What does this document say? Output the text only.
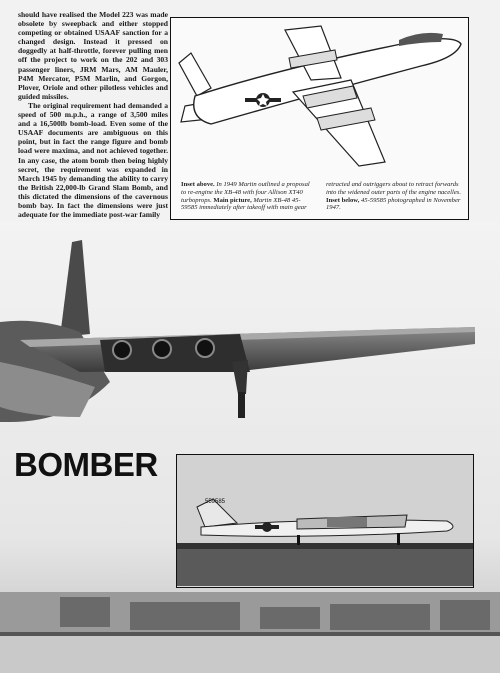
should have realised the Model 223 was made obsolete by sweepback and either stopped competing or obtained USAAF sanction for a changed design. Instead it pressed on doggedly at half-throttle, forever pulling men off the project to work on the 202 and 303 passenger liners, JRM Mars, AM Mauler, P4M Mercator, P5M Marlin, and Gorgon, Plover, Oriole and other pilotless vehicles and guided missiles.

The original requirement had demanded a speed of 500 m.p.h., a range of 3,500 miles and a 16,500lb bomb-load. Even some of the USAAF documents are ambiguous on this point, but in fact the range figure and bomb load were maxima, and not achieved together. In any case, the atom bomb then being highly secret, the requirement was expanded in March 1945 by demanding the ability to carry the British 22,000-lb Grand Slam Bomb, and this dictated the dimensions of the cavernous bomb bay. In fact the dimensions were just adequate for the immediate post-war family

Inset above. In 1949 Martin outlined a proposal to re-engine the XB-48 with four Allison XT40 turboprops. Main picture, Martin XB-48 45-59585 immediately after takeoff with main gear retracted and outriggers about to retract forwards into the widened outer parts of the engine nacelles. Inset below, 45-59585 photographed in November 1947.
BOMBER
559585
